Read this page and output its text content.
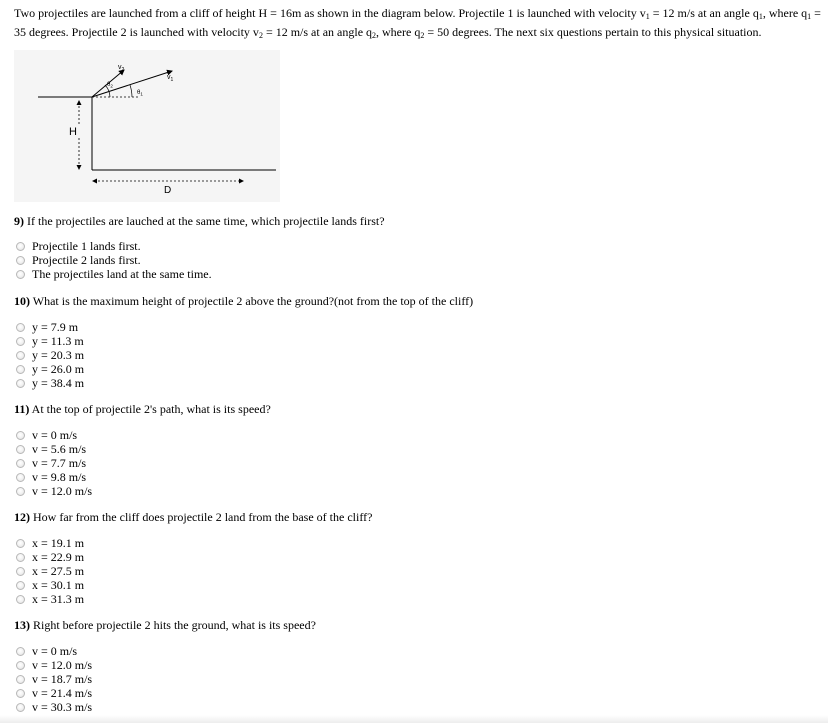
Two projectiles are launched from a cliff of height H = 16m as shown in the diagram below. Projectile 1 is launched with velocity $v_1 = 12$ m/s at an angle $q_1$, where $q_1$ =

35 degrees. Projectile 2 is launched with velocity $v_2 = 12$ m/s at an angle $q_2$, where $q_2 = 50$ degrees. The next six questions pertain to this physical situation.

$v_2$
$v_1$
$\theta_2$
$\theta_1$
H
D

9) If the projectiles are lauched at the same time, which projectile lands first?

Projectile 1 lands first.
Projectile 2 lands first.
The projectiles land at the same time.

10) What is the maximum height of projectile 2 above the ground?(not from the top of the cliff)

y = 7.9 m
y = 11.3 m
y = 20.3 m
y = 26.0 m
y = 38.4 m

11) At the top of projectile 2's path, what is its speed?

v = 0 m/s
v = 5.6 m/s
v = 7.7 m/s
v = 9.8 m/s
v = 12.0 m/s

12) How far from the cliff does projectile 2 land from the base of the cliff?

x = 19.1 m
x = 22.9 m
x = 27.5 m
x = 30.1 m
x = 31.3 m

13) Right before projectile 2 hits the ground, what is its speed?

v = 0 m/s
v = 12.0 m/s
v = 18.7 m/s
v = 21.4 m/s
v = 30.3 m/s
